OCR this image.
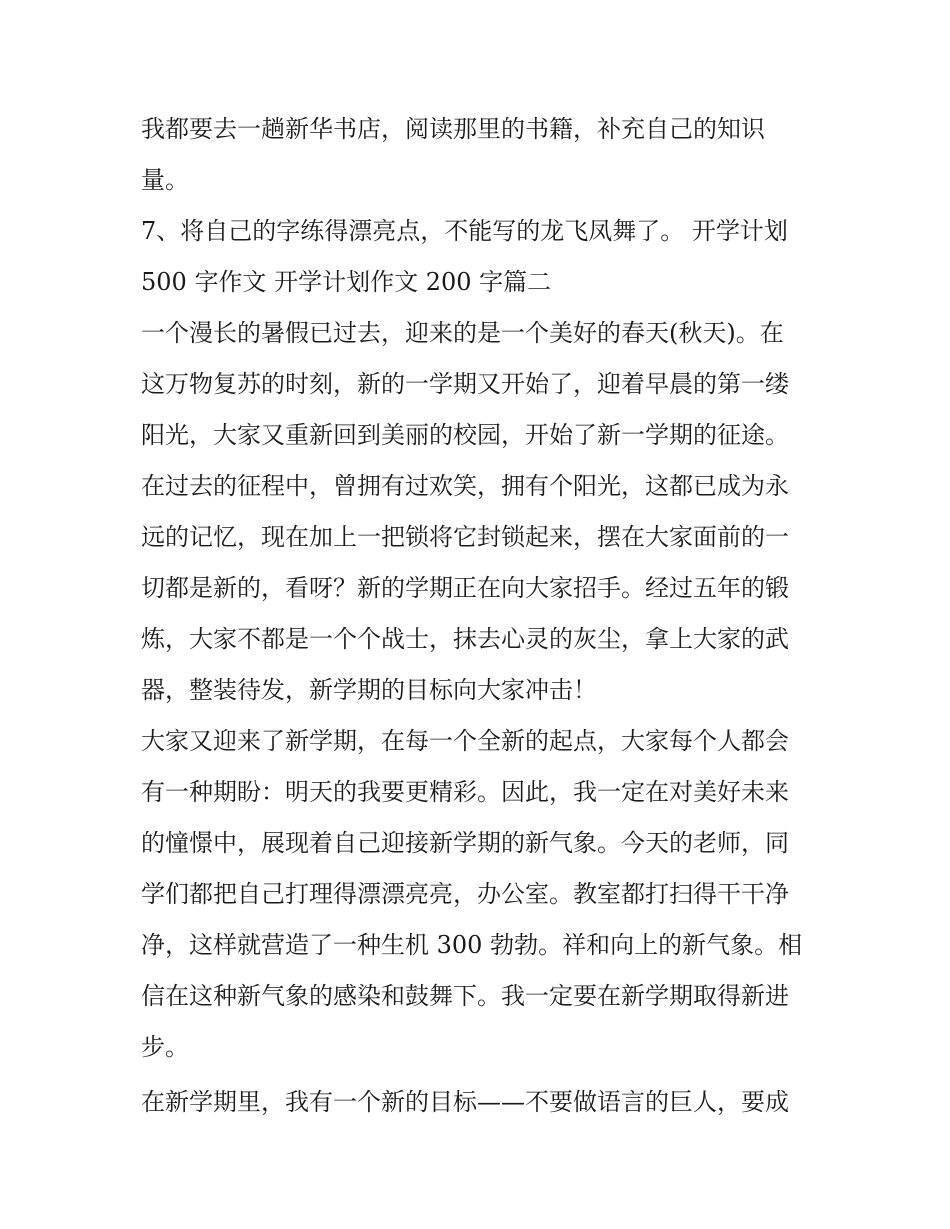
我都要去一趟新华书店，阅读那里的书籍，补充自己的知识
量。
7、将自己的字练得漂亮点，不能写的龙飞凤舞了。 开学计划
500 字作文 开学计划作文 200 字篇二
一个漫长的暑假已过去，迎来的是一个美好的春天(秋天)。在
这万物复苏的时刻，新的一学期又开始了，迎着早晨的第一缕
阳光，大家又重新回到美丽的校园，开始了新一学期的征途。
在过去的征程中，曾拥有过欢笑，拥有个阳光，这都已成为永
远的记忆，现在加上一把锁将它封锁起来，摆在大家面前的一
切都是新的，看呀？新的学期正在向大家招手。经过五年的锻
炼，大家不都是一个个战士，抹去心灵的灰尘，拿上大家的武
器，整装待发，新学期的目标向大家冲击！
大家又迎来了新学期，在每一个全新的起点，大家每个人都会
有一种期盼：明天的我要更精彩。因此，我一定在对美好未来
的憧憬中，展现着自己迎接新学期的新气象。今天的老师，同
学们都把自己打理得漂漂亮亮，办公室。教室都打扫得干干净
净，这样就营造了一种生机 300 勃勃。祥和向上的新气象。相
信在这种新气象的感染和鼓舞下。我一定要在新学期取得新进
步。
在新学期里，我有一个新的目标——不要做语言的巨人，要成
